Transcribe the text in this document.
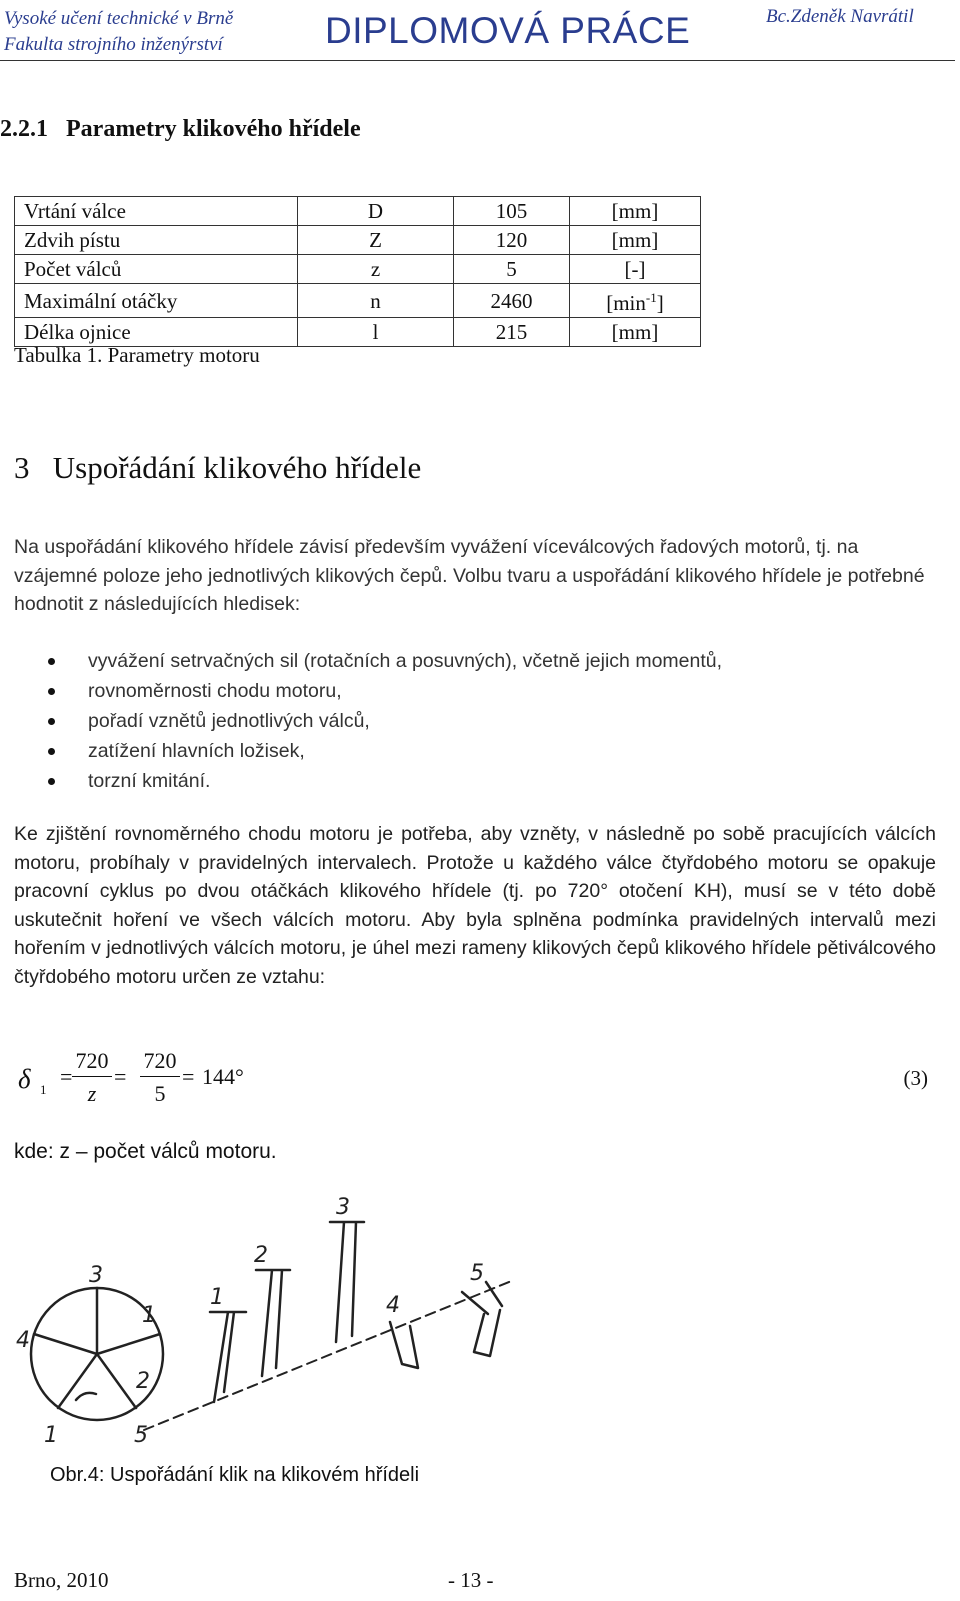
Vysoké učení technické v Brně
Fakulta strojního inženýrství	DIPLOMOVÁ PRÁCE	Bc.Zdeněk Navrátil
2.2.1 Parametry klikového hřídele
Vrtání válce	D	105	[mm]
Zdvih pístu	Z	120	[mm]
Počet válců	z	5	[-]
Maximální otáčky	n	2460	$[\min^{-1}]$
Délka ojnice	l	215	[mm]
Tabulka 1. Parametry motoru
3 Uspořádání klikového hřídele
Na uspořádání klikového hřídele závisí především vyvážení víceválcových řadových motorů, tj. na vzájemné poloze jeho jednotlivých klikových čepů. Volbu tvaru a uspořádání klikového hřídele je potřebné hodnotit z následujících hledisek:
vyvážení setrvačných sil (rotačních a posuvných), včetně jejich momentů,
rovnoměrnosti chodu motoru,
pořadí vznětů jednotlivých válců,
zatížení hlavních ložisek,
torzní kmitání.
Ke zjištění rovnoměrného chodu motoru je potřeba, aby vzněty, v následně po sobě pracujících válcích motoru, probíhaly v pravidelných intervalech. Protože u každého válce čtyřdobého motoru se opakuje pracovní cyklus po dvou otáčkách klikového hřídele (tj. po 720° otočení KH), musí se v této době uskutečnit hoření ve všech válcích motoru. Aby byla splněna podmínka pravidelných intervalů mezi hořením v jednotlivých válcích motoru, je úhel mezi rameny klikových čepů klikového hřídele pětiválcového čtyřdobého motoru určen ze vztahu:
δ 1
=
720
z
=
720
5
= 144°	(3)
kde: z – počet válců motoru.
3
1
4
2
1	5
3
2
1	4
5
Obr.4: Uspořádání klik na klikovém hřídeli
Brno, 2010	- 13 -
